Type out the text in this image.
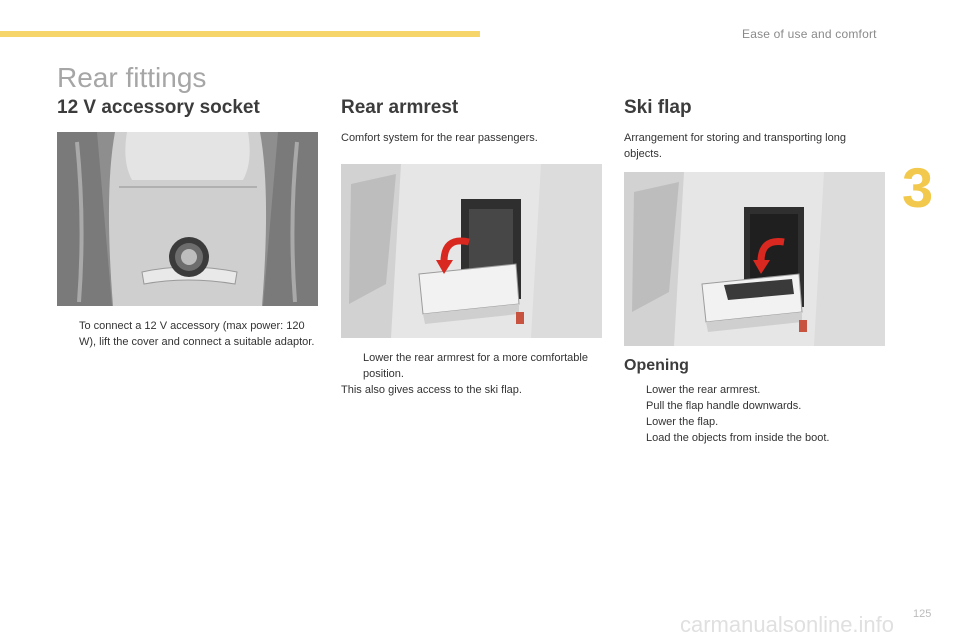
Ease of use and comfort
3
Rear fittings
12 V accessory socket

To connect a 12 V accessory (max power: 120 W), lift the cover and connect a suitable adaptor.

Rear armrest

Comfort system for the rear passengers.

Lower the rear armrest for a more comfortable position.

This also gives access to the ski flap.

Ski flap

Arrangement for storing and transporting long objects.

Opening

Lower the rear armrest.

Pull the flap handle downwards.

Lower the flap.

Load the objects from inside the boot.

carmanualsonline.info 125
